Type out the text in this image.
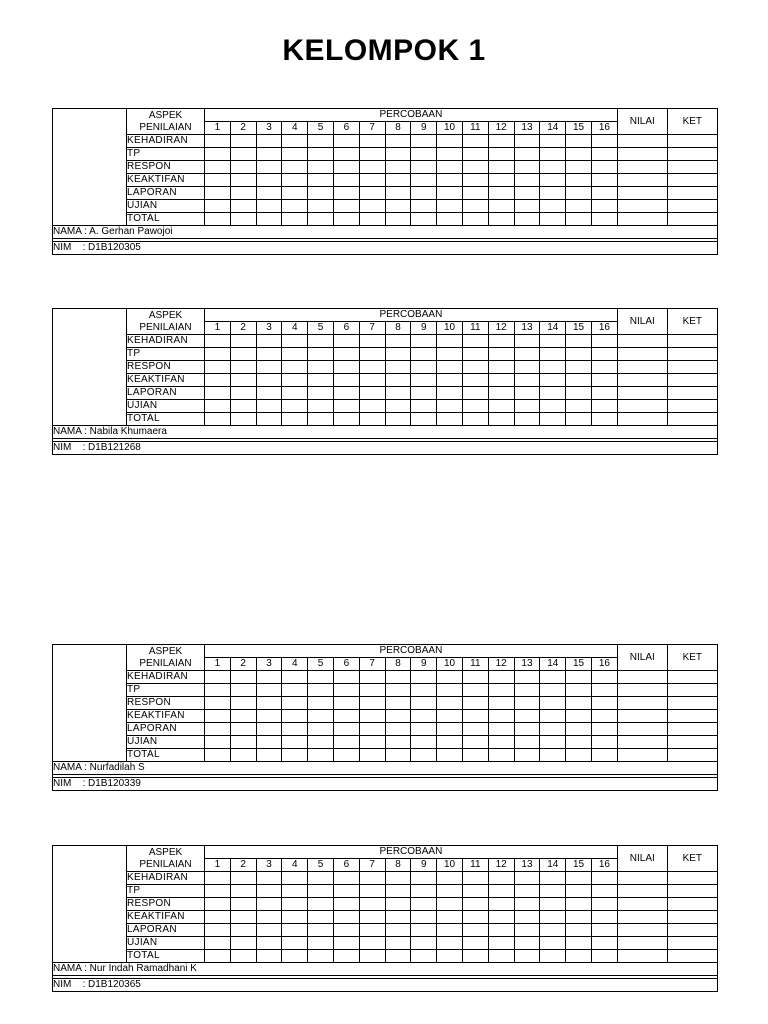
KELOMPOK 1

	ASPEK
PENILAIAN	PERCOBAAN																NILAI	KET
		1	2	3	4	5	6	7	8	9	10	11	12	13	14	15	16		
	KEHADIRAN																		
	TP																		
	RESPON																		
	KEAKTIFAN																		
	LAPORAN																		
	UJIAN																		
	TOTAL																		
NAMA : A. Gerhan Pawojoi																			

NIM    : D1B120305																			

	ASPEK
PENILAIAN	PERCOBAAN																NILAI	KET
		1	2	3	4	5	6	7	8	9	10	11	12	13	14	15	16		
	KEHADIRAN																		
	TP																		
	RESPON																		
	KEAKTIFAN																		
	LAPORAN																		
	UJIAN																		
	TOTAL																		
NAMA : Nabila Khumaera																			

NIM    : D1B121268																			

	ASPEK
PENILAIAN	PERCOBAAN																NILAI	KET
		1	2	3	4	5	6	7	8	9	10	11	12	13	14	15	16		
	KEHADIRAN																		
	TP																		
	RESPON																		
	KEAKTIFAN																		
	LAPORAN																		
	UJIAN																		
	TOTAL																		
NAMA : Nurfadilah S																			

NIM    : D1B120339																			

	ASPEK
PENILAIAN	PERCOBAAN																NILAI	KET
		1	2	3	4	5	6	7	8	9	10	11	12	13	14	15	16		
	KEHADIRAN																		
	TP																		
	RESPON																		
	KEAKTIFAN																		
	LAPORAN																		
	UJIAN																		
	TOTAL																		
NAMA : Nur Indah Ramadhani K																			

NIM    : D1B120365																			
